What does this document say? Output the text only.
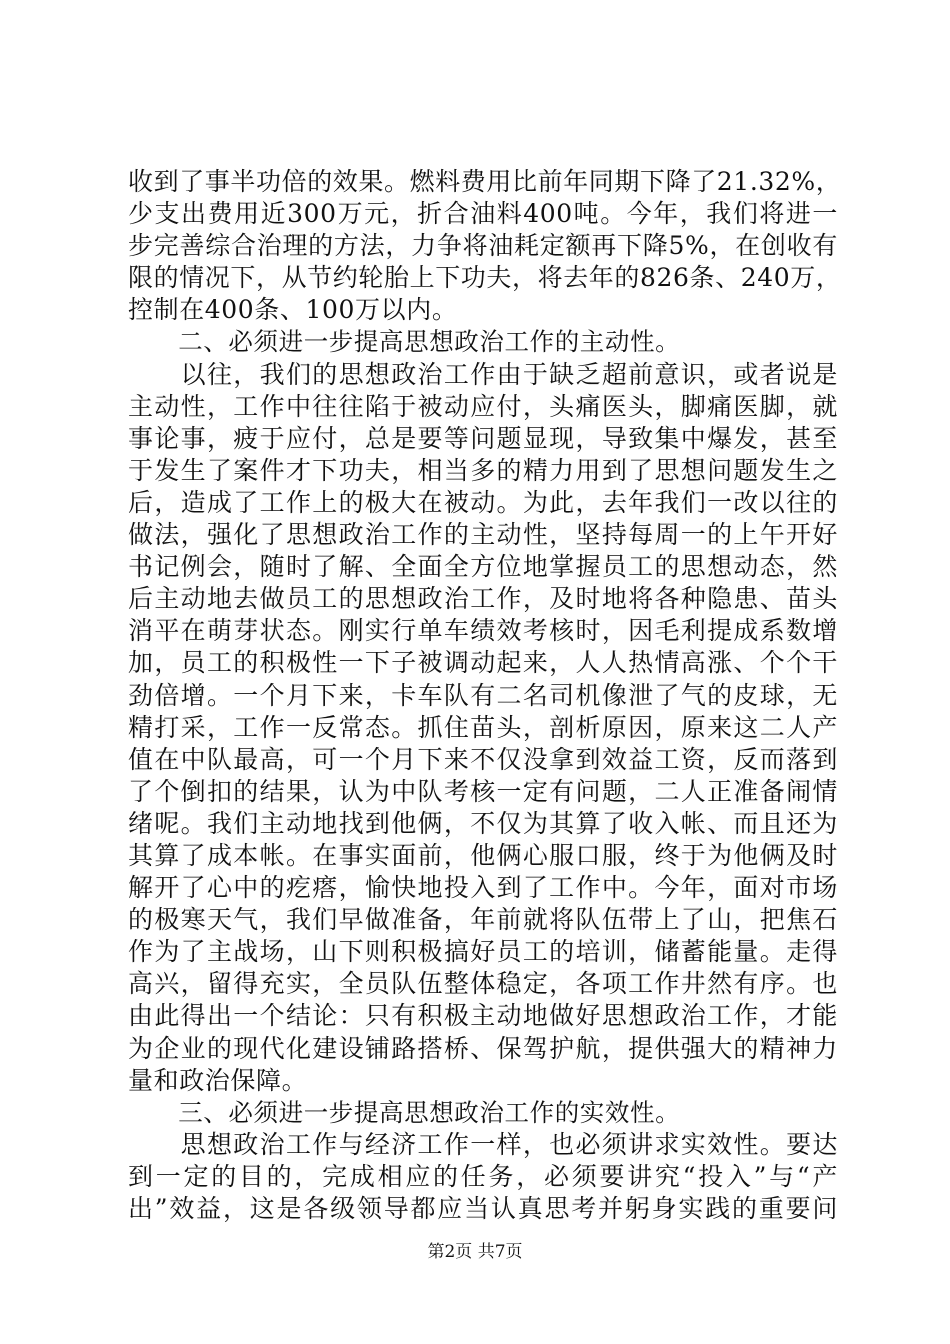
收到了事半功倍的效果。燃料费用比前年同期下降了21.32%，
少支出费用近300万元，折合油料400吨。今年，我们将进一
步完善综合治理的方法，力争将油耗定额再下降5%，在创收有
限的情况下，从节约轮胎上下功夫，将去年的826条、240万，
控制在400条、100万以内。
　　二、必须进一步提高思想政治工作的主动性。
　　以往，我们的思想政治工作由于缺乏超前意识，或者说是
主动性，工作中往往陷于被动应付，头痛医头，脚痛医脚，就
事论事，疲于应付，总是要等问题显现，导致集中爆发，甚至
于发生了案件才下功夫，相当多的精力用到了思想问题发生之
后，造成了工作上的极大在被动。为此，去年我们一改以往的
做法，强化了思想政治工作的主动性，坚持每周一的上午开好
书记例会，随时了解、全面全方位地掌握员工的思想动态，然
后主动地去做员工的思想政治工作，及时地将各种隐患、苗头
消平在萌芽状态。刚实行单车绩效考核时，因毛利提成系数增
加，员工的积极性一下子被调动起来，人人热情高涨、个个干
劲倍增。一个月下来，卡车队有二名司机像泄了气的皮球，无
精打采，工作一反常态。抓住苗头，剖析原因，原来这二人产
值在中队最高，可一个月下来不仅没拿到效益工资，反而落到
了个倒扣的结果，认为中队考核一定有问题，二人正准备闹情
绪呢。我们主动地找到他俩，不仅为其算了收入帐、而且还为
其算了成本帐。在事实面前，他俩心服口服，终于为他俩及时
解开了心中的疙瘩，愉快地投入到了工作中。今年，面对市场
的极寒天气，我们早做准备，年前就将队伍带上了山，把焦石
作为了主战场，山下则积极搞好员工的培训，储蓄能量。走得
高兴，留得充实，全员队伍整体稳定，各项工作井然有序。也
由此得出一个结论：只有积极主动地做好思想政治工作，才能
为企业的现代化建设铺路搭桥、保驾护航，提供强大的精神力
量和政治保障。
　　三、必须进一步提高思想政治工作的实效性。
　　思想政治工作与经济工作一样，也必须讲求实效性。要达
到一定的目的，完成相应的任务，必须要讲究“投入”与“产
出”效益，这是各级领导都应当认真思考并躬身实践的重要问
第2页 共7页
